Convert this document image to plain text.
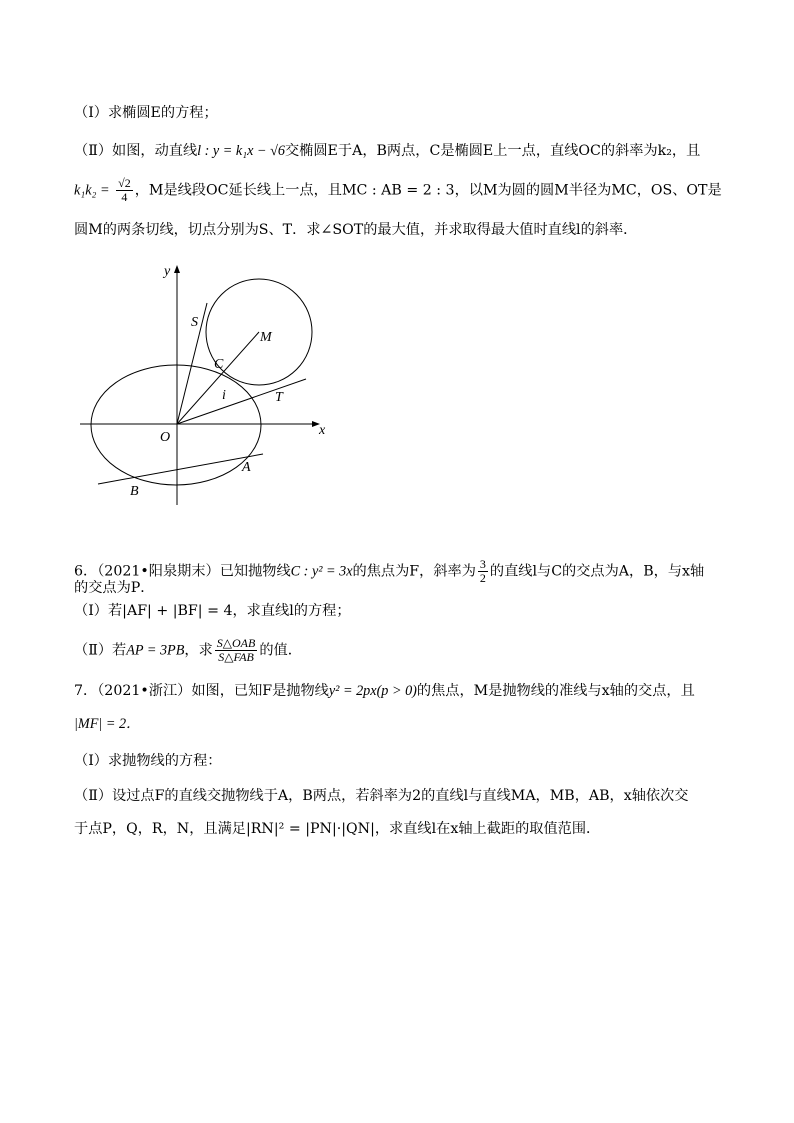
（Ⅰ）求椭圆E的方程；
（Ⅱ）如图，动直线l : y = k₁x − √6交椭圆E于A，B两点，C是椭圆E上一点，直线OC的斜率为k₂，且
$k_1k_2 = \frac{√2}{4}$ ，M是线段OC延长线上一点，且MC : AB = 2 : 3，以M为圆的圆M半径为MC，OS、OT是
圆M的两条切线，切点分别为S、T．求∠SOT的最大值，并求取得最大值时直线l的斜率．
y
x
S
M
C
i	T
O
A
B
6．（2021•阳泉期末）已知抛物线C : y² = 3x的焦点为F，斜率为 $\frac{3}{2}$ 的直线l与C的交点为A，B，与x轴
的交点为P．
（Ⅰ）若|AF| + |BF| = 4，求直线l的方程；
（Ⅱ）若AP = 3PB，求 $\frac{\text{S△OAB}}{\text{S△FAB}}$ 的值．
7．（2021•浙江）如图，已知F是抛物线y² = 2px(p > 0)的焦点，M是抛物线的准线与x轴的交点，且
|MF| = 2．
（Ⅰ）求抛物线的方程：
（Ⅱ）设过点F的直线交抛物线于A，B两点，若斜率为2的直线l与直线MA，MB，AB，x轴依次交
于点P，Q，R，N，且满足|RN|² = |PN|·|QN|，求直线l在x轴上截距的取值范围．
